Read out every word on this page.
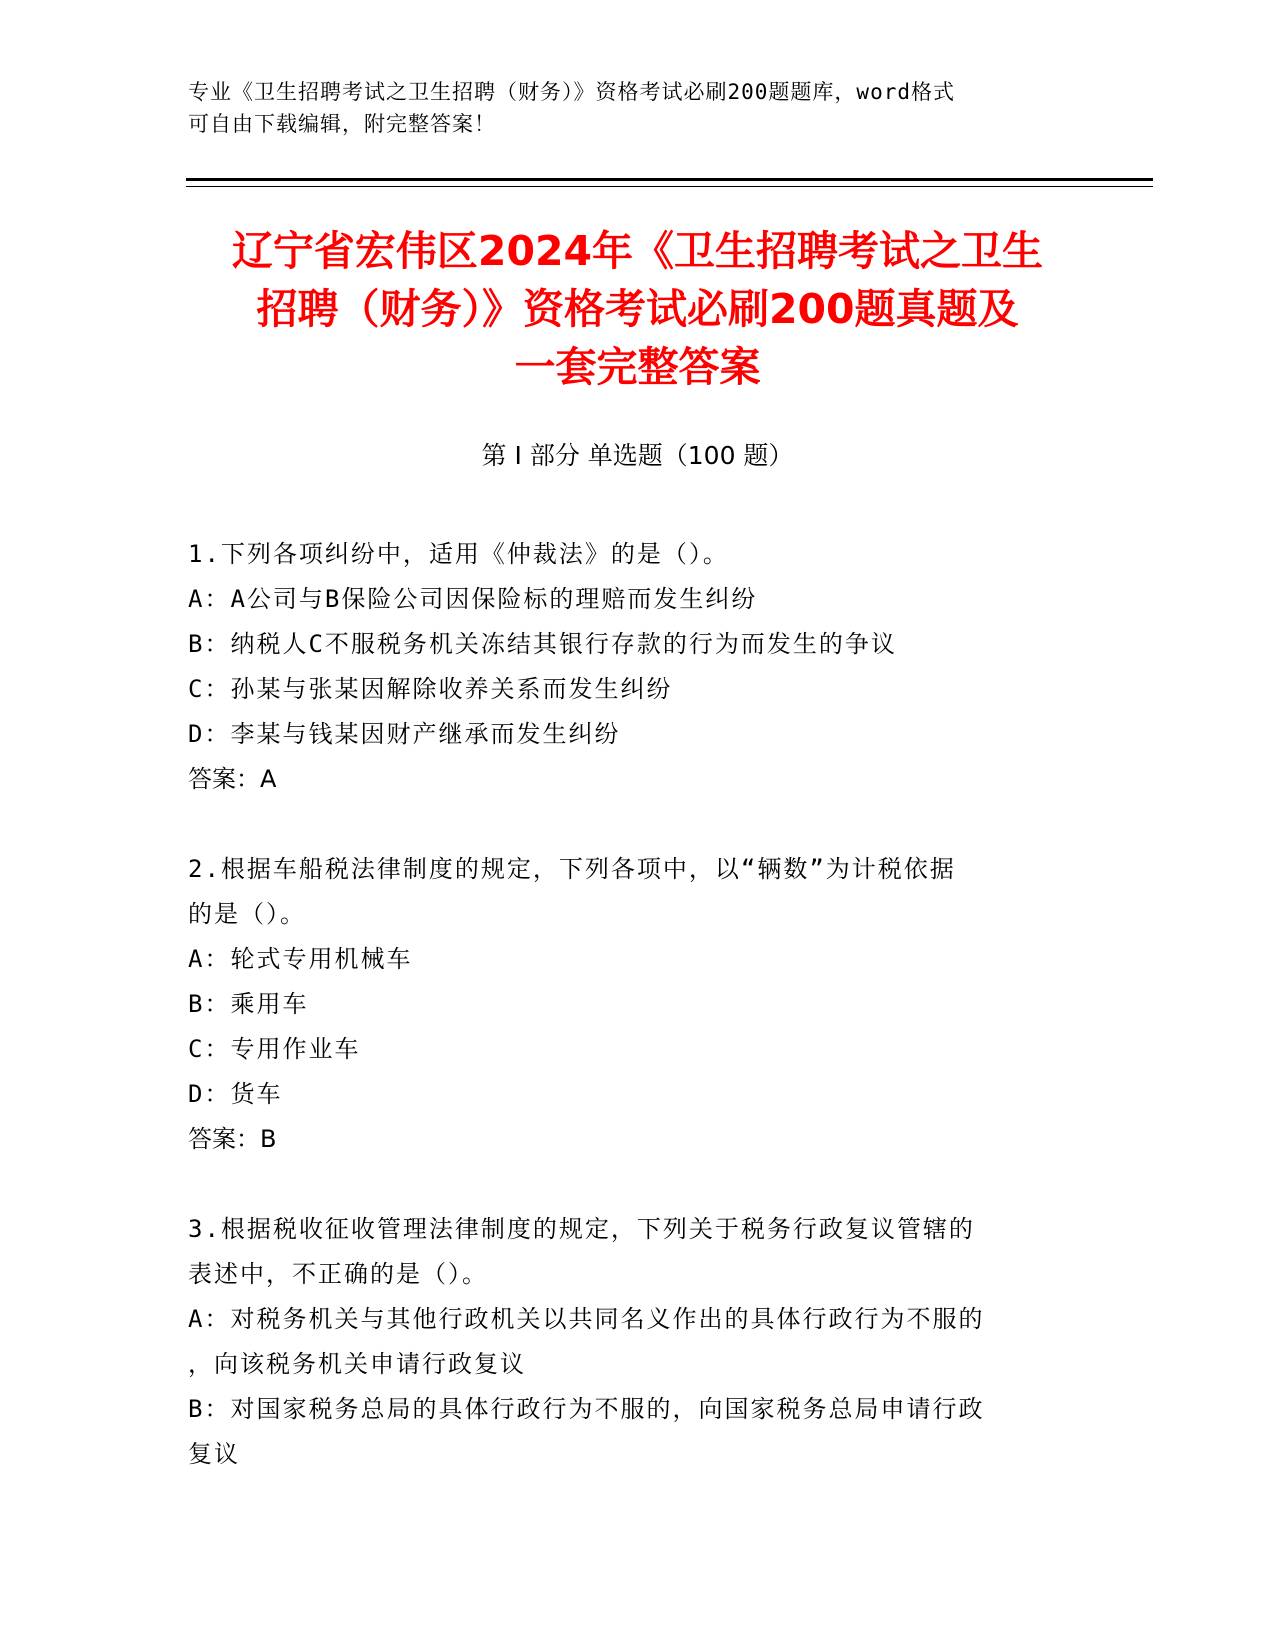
专业《卫生招聘考试之卫生招聘（财务）》资格考试必刷200题题库，word格式
可自由下载编辑，附完整答案！
辽宁省宏伟区2024年《卫生招聘考试之卫生
招聘（财务）》资格考试必刷200题真题及
一套完整答案
第 I 部分 单选题（100 题）
1.下列各项纠纷中，适用《仲裁法》的是（）。
A：A公司与B保险公司因保险标的理赔而发生纠纷
B：纳税人C不服税务机关冻结其银行存款的行为而发生的争议
C：孙某与张某因解除收养关系而发生纠纷
D：李某与钱某因财产继承而发生纠纷
答案：A
2.根据车船税法律制度的规定，下列各项中，以“辆数”为计税依据
的是（）。
A：轮式专用机械车
B：乘用车
C：专用作业车
D：货车
答案：B
3.根据税收征收管理法律制度的规定，下列关于税务行政复议管辖的
表述中，不正确的是（）。
A：对税务机关与其他行政机关以共同名义作出的具体行政行为不服的
，向该税务机关申请行政复议
B：对国家税务总局的具体行政行为不服的，向国家税务总局申请行政
复议
